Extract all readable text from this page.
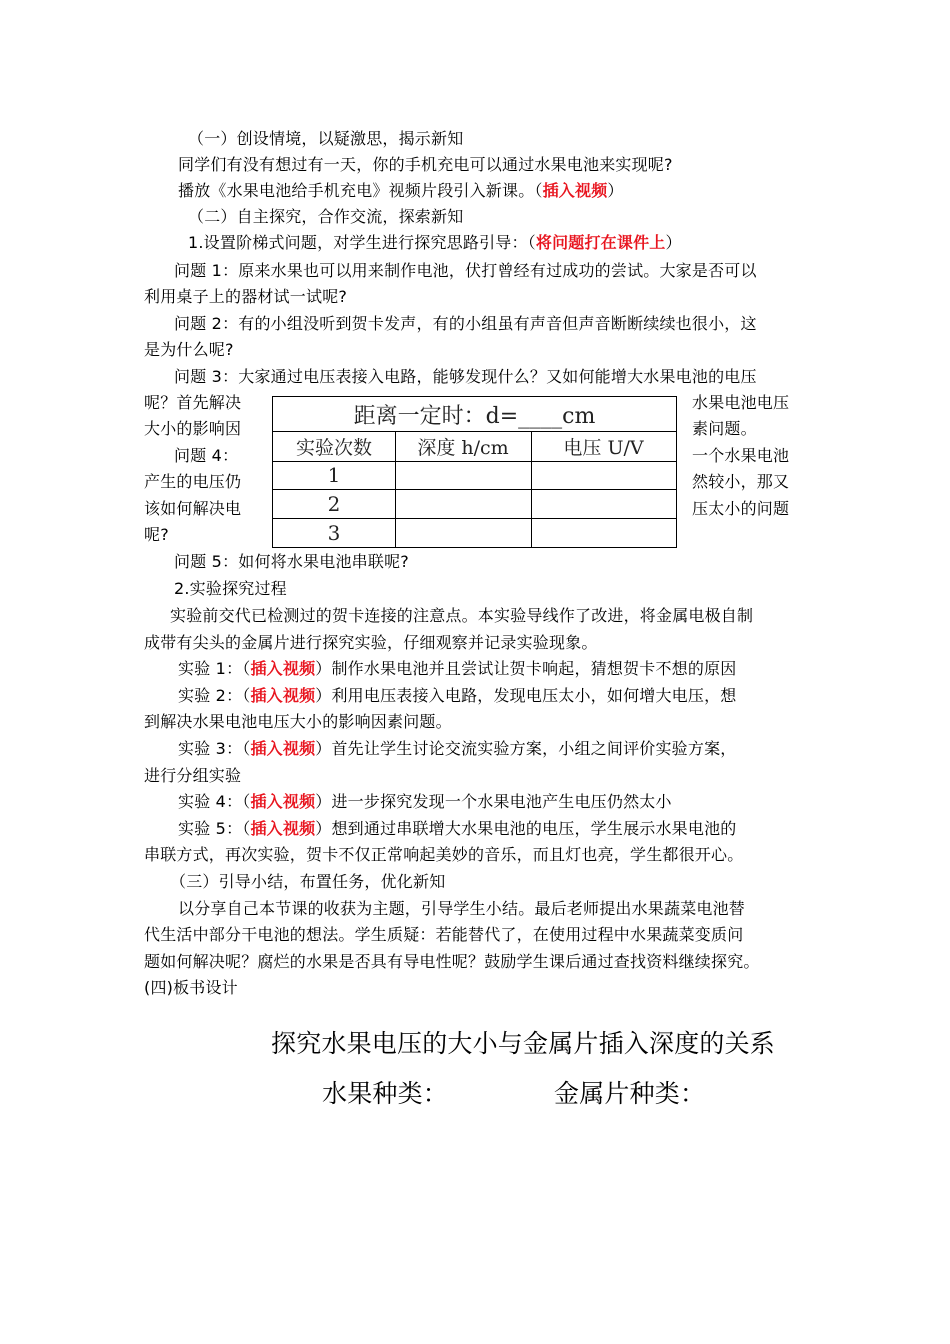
（一）创设情境，以疑激思，揭示新知
同学们有没有想过有一天，你的手机充电可以通过水果电池来实现呢?
播放《水果电池给手机充电》视频片段引入新课。（插入视频）
（二）自主探究，合作交流，探索新知
1.设置阶梯式问题，对学生进行探究思路引导：（将问题打在课件上）
问题 1：原来水果也可以用来制作电池，伏打曾经有过成功的尝试。大家是否可以
利用桌子上的器材试一试呢?
问题 2：有的小组没听到贺卡发声，有的小组虽有声音但声音断断续续也很小，这
是为什么呢?
问题 3：大家通过电压表接入电路，能够发现什么？又如何能增大水果电池的电压
呢？首先解决
大小的影响因
问题 4：
产生的电压仍
该如何解决电
呢?
水果电池电压
素问题。
一个水果电池
然较小，那又
压太小的问题
距离一定时：d=____cm
实验次数	深度 h/cm	电压 U/V
1
2
3
问题 5：如何将水果电池串联呢?
2.实验探究过程
实验前交代已检测过的贺卡连接的注意点。本实验导线作了改进，将金属电极自制
成带有尖头的金属片进行探究实验，仔细观察并记录实验现象。
实验 1：（插入视频）制作水果电池并且尝试让贺卡响起，猜想贺卡不想的原因
实验 2：（插入视频）利用电压表接入电路，发现电压太小，如何增大电压，想
到解决水果电池电压大小的影响因素问题。
实验 3：（插入视频）首先让学生讨论交流实验方案，小组之间评价实验方案，
进行分组实验
实验 4：（插入视频）进一步探究发现一个水果电池产生电压仍然太小
实验 5：（插入视频）想到通过串联增大水果电池的电压，学生展示水果电池的
串联方式，再次实验，贺卡不仅正常响起美妙的音乐，而且灯也亮，学生都很开心。
（三）引导小结，布置任务，优化新知
以分享自己本节课的收获为主题，引导学生小结。最后老师提出水果蔬菜电池替
代生活中部分干电池的想法。学生质疑：若能替代了，在使用过程中水果蔬菜变质问
题如何解决呢？腐烂的水果是否具有导电性呢？鼓励学生课后通过查找资料继续探究。
(四)板书设计
探究水果电压的大小与金属片插入深度的关系
水果种类：	金属片种类：
